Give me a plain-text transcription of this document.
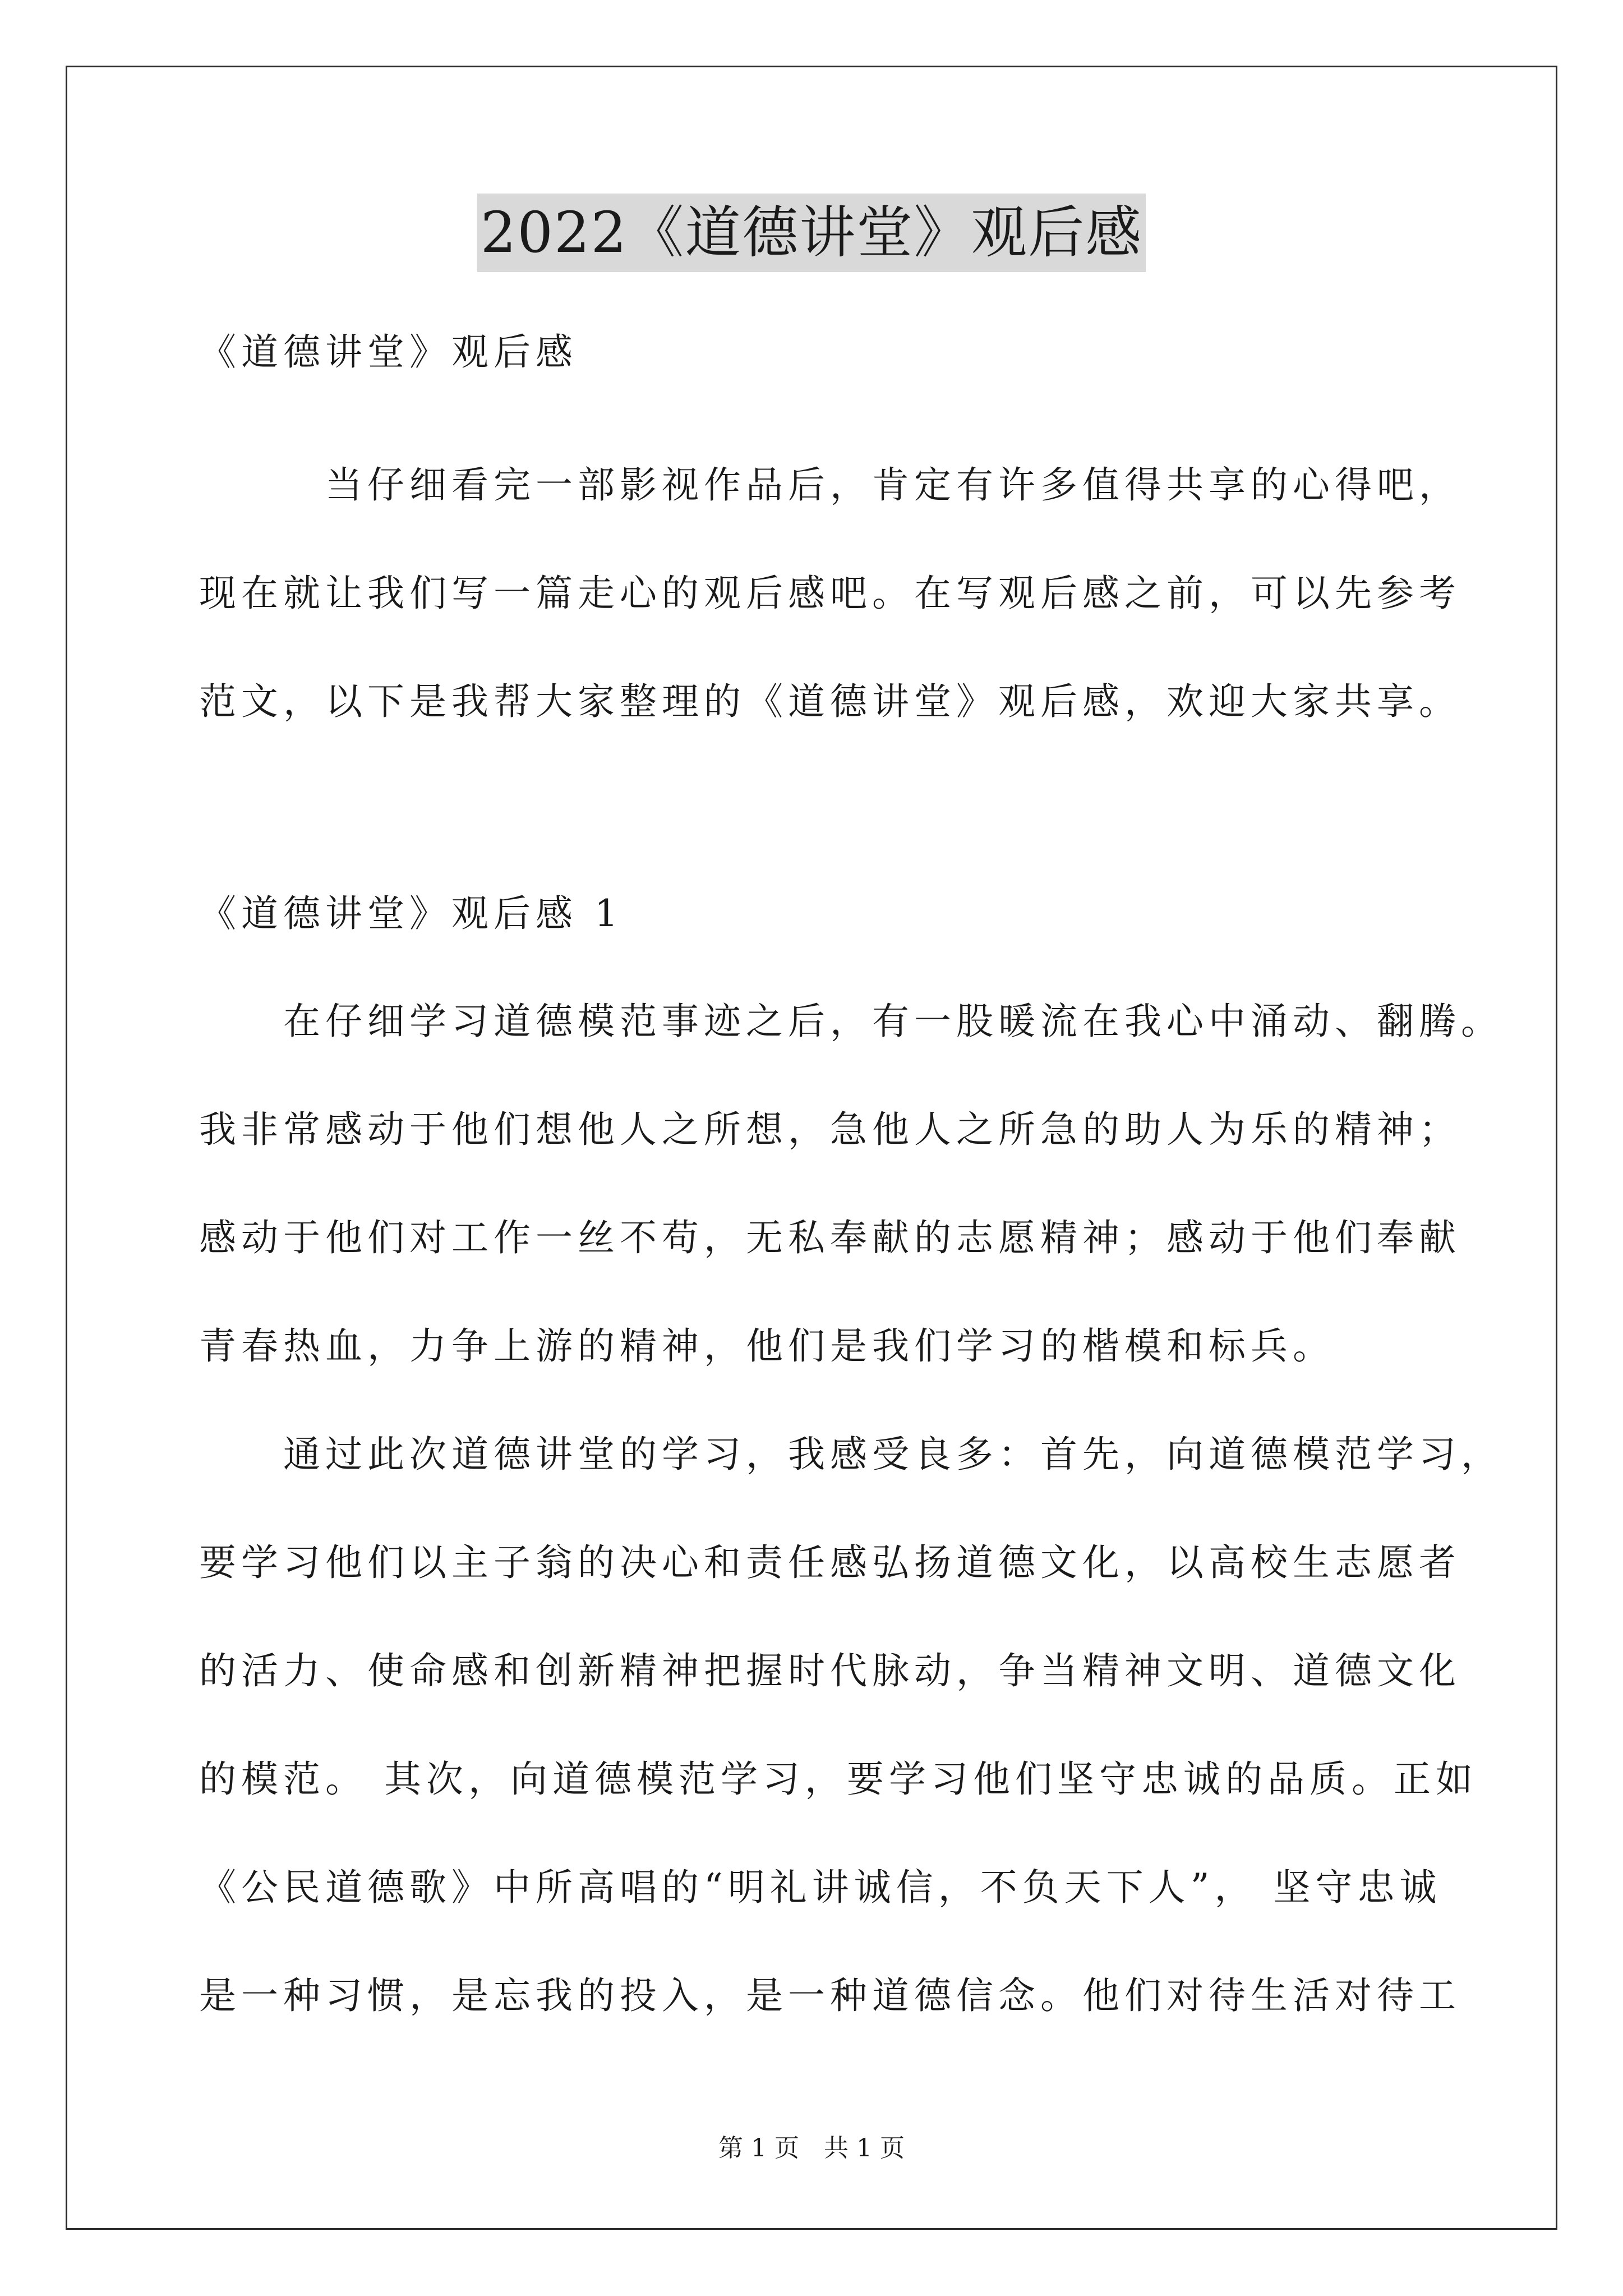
2022《道德讲堂》观后感
《道德讲堂》观后感
　　　当仔细看完一部影视作品后，肯定有许多值得共享的心得吧，
现在就让我们写一篇走心的观后感吧。在写观后感之前，可以先参考
范文，以下是我帮大家整理的《道德讲堂》观后感，欢迎大家共享。
《道德讲堂》观后感 1
　　在仔细学习道德模范事迹之后，有一股暖流在我心中涌动、翻腾。
我非常感动于他们想他人之所想，急他人之所急的助人为乐的精神；
感动于他们对工作一丝不苟，无私奉献的志愿精神；感动于他们奉献
青春热血，力争上游的精神，他们是我们学习的楷模和标兵。
　　通过此次道德讲堂的学习，我感受良多：首先，向道德模范学习，
要学习他们以主子翁的决心和责任感弘扬道德文化，以高校生志愿者
的活力、使命感和创新精神把握时代脉动，争当精神文明、道德文化
的模范。 其次，向道德模范学习，要学习他们坚守忠诚的品质。正如
《公民道德歌》中所高唱的“明礼讲诚信，不负天下人”， 坚守忠诚
是一种习惯，是忘我的投入，是一种道德信念。他们对待生活对待工
第 1 页　共 1 页
